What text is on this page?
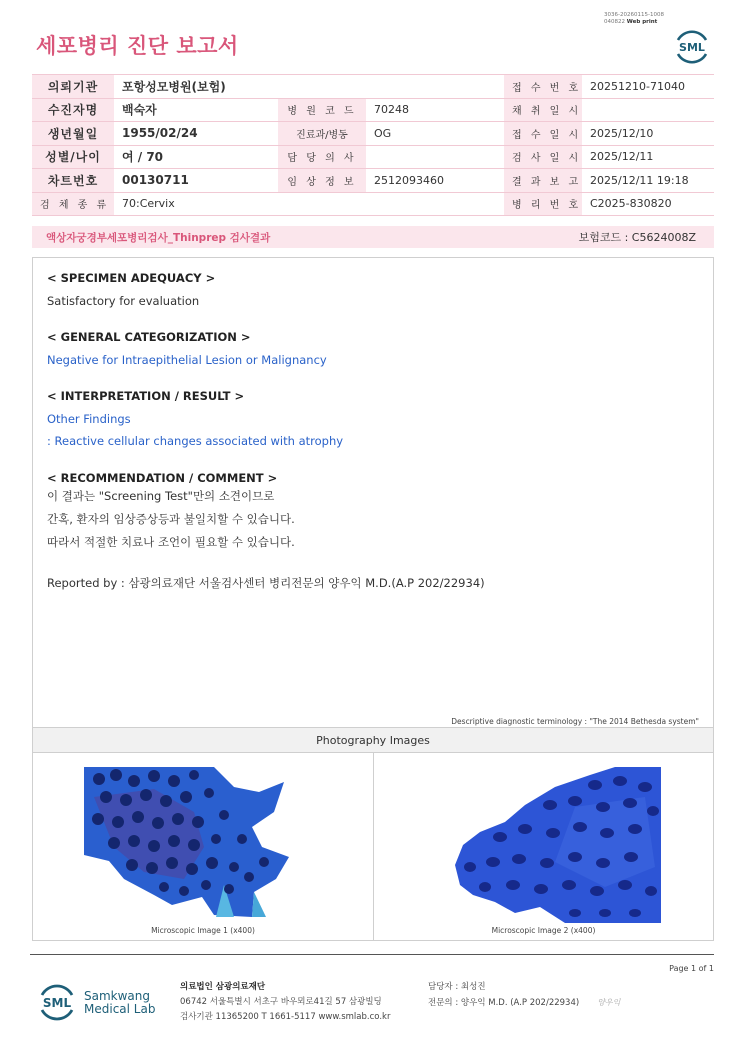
3036-20260115-1008
040822 Web print
세포병리 진단 보고서	SML
의뢰기관	포항성모병원(보험)			접 수 번 호	20251210-71040
수진자명	백숙자	병 원 코 드	70248	채 취 일 시	
생년월일	1955/02/24	진료과/병동	OG	접 수 일 시	2025/12/10
성별/나이	여 / 70	담 당 의 사		검 사 일 시	2025/12/11
차트번호	00130711	임 상 정 보	2512093460	결 과 보 고	2025/12/11 19:18
검 체 종 류	70:Cervix			병 리 번 호	C2025-830820
액상자궁경부세포병리검사_Thinprep 검사결과	보험코드 : C5624008Z
< SPECIMEN ADEQUACY >
Satisfactory for evaluation
< GENERAL CATEGORIZATION >
Negative for Intraepithelial Lesion or Malignancy
< INTERPRETATION / RESULT >
Other Findings
: Reactive cellular changes associated with atrophy
< RECOMMENDATION / COMMENT >

이 결과는 "Screening Test"만의 소견이므로

간혹, 환자의 임상증상등과 불일치할 수 있습니다.

따라서 적절한 치료나 조언이 필요할 수 있습니다.

Reported by : 삼광의료재단 서울검사센터 병리전문의 양우익 M.D.(A.P 202/22934)
Descriptive diagnostic terminology : "The 2014 Bethesda system"
Photography Images
Microscopic Image 1 (x400)	Microscopic Image 2 (x400)
Page 1 of 1
SML Samkwang
Medical Lab
의료법인 삼광의료재단
06742 서울특별시 서초구 바우뫼로41길 57 삼광빌딩
검사기관 11365200 T 1661-5117 www.smlab.co.kr
담당자 : 최성진
전문의 : 양우익 M.D. (A.P 202/22934) 양우익
